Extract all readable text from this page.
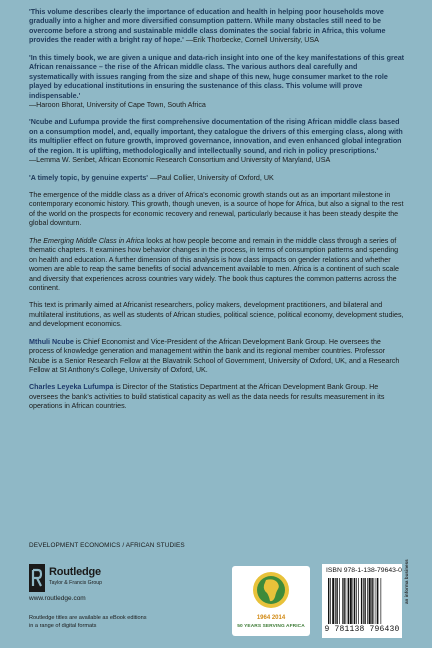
'This volume describes clearly the importance of education and health in helping poor households move gradually into a higher and more diversified consumption pattern. While many obstacles still need to be overcome before a strong and sustainable middle class dominates the social fabric in Africa, this volume provides the reader with a bright ray of hope.' —Erik Thorbecke, Cornell University, USA

'In this timely book, we are given a unique and data-rich insight into one of the key manifestations of this great African renaissance – the rise of the African middle class. The various authors deal carefully and systematically with issues ranging from the size and shape of this new, huge consumer market to the role played by educational institutions in ensuring the sustenance of this class. This volume will prove indispensable.'
—Haroon Bhorat, University of Cape Town, South Africa

'Ncube and Lufumpa provide the first comprehensive documentation of the rising African middle class based on a consumption model, and, equally important, they catalogue the drivers of this emerging class, along with its multiplier effect on future growth, improved governance, innovation, and even enhanced global integration of the region. It is uplifting, methodologically and intellectually sound, and rich in policy prescriptions.'
—Lemma W. Senbet, African Economic Research Consortium and University of Maryland, USA

'A timely topic, by genuine experts' —Paul Collier, University of Oxford, UK

The emergence of the middle class as a driver of Africa's economic growth stands out as an important milestone in contemporary economic history. This growth, though uneven, is a source of hope for Africa, but also a signal to the rest of the world on the prospects for economic recovery and renewal, particularly because it has been steady despite the global downturn.

The Emerging Middle Class in Africa looks at how people become and remain in the middle class through a series of thematic chapters. It examines how behavior changes in the process, in terms of consumption patterns and spending on health and education. A further dimension of this analysis is how class impacts on gender relations and whether women are able to reap the same benefits of social advancement available to men. Africa is a continent of such scale and diversity that experiences across countries vary widely. The book thus captures the common patterns across the continent.

This text is primarily aimed at Africanist researchers, policy makers, development practitioners, and bilateral and multilateral institutions, as well as students of African studies, political science, political economy, development studies, and development economics.

Mthuli Ncube is Chief Economist and Vice-President of the African Development Bank Group. He oversees the process of knowledge generation and management within the bank and its regional member countries. Professor Ncube is a Senior Research Fellow at the Blavatnik School of Government, University of Oxford, UK, and a Research Fellow at St Anthony's College, University of Oxford, UK.

Charles Leyeka Lufumpa is Director of the Statistics Department at the African Development Bank Group. He oversees the bank's activities to build statistical capacity as well as the data needs for results measurement in its operations in African countries.

DEVELOPMENT ECONOMICS / AFRICAN STUDIES
Routledge
Taylor & Francis Group
www.routledge.com
Routledge titles are available as eBook editions in a range of digital formats
1964 2014
50 YEARS SERVING AFRICA
ISBN 978-1-138-79643-0
9 781138 796430
an informa business
